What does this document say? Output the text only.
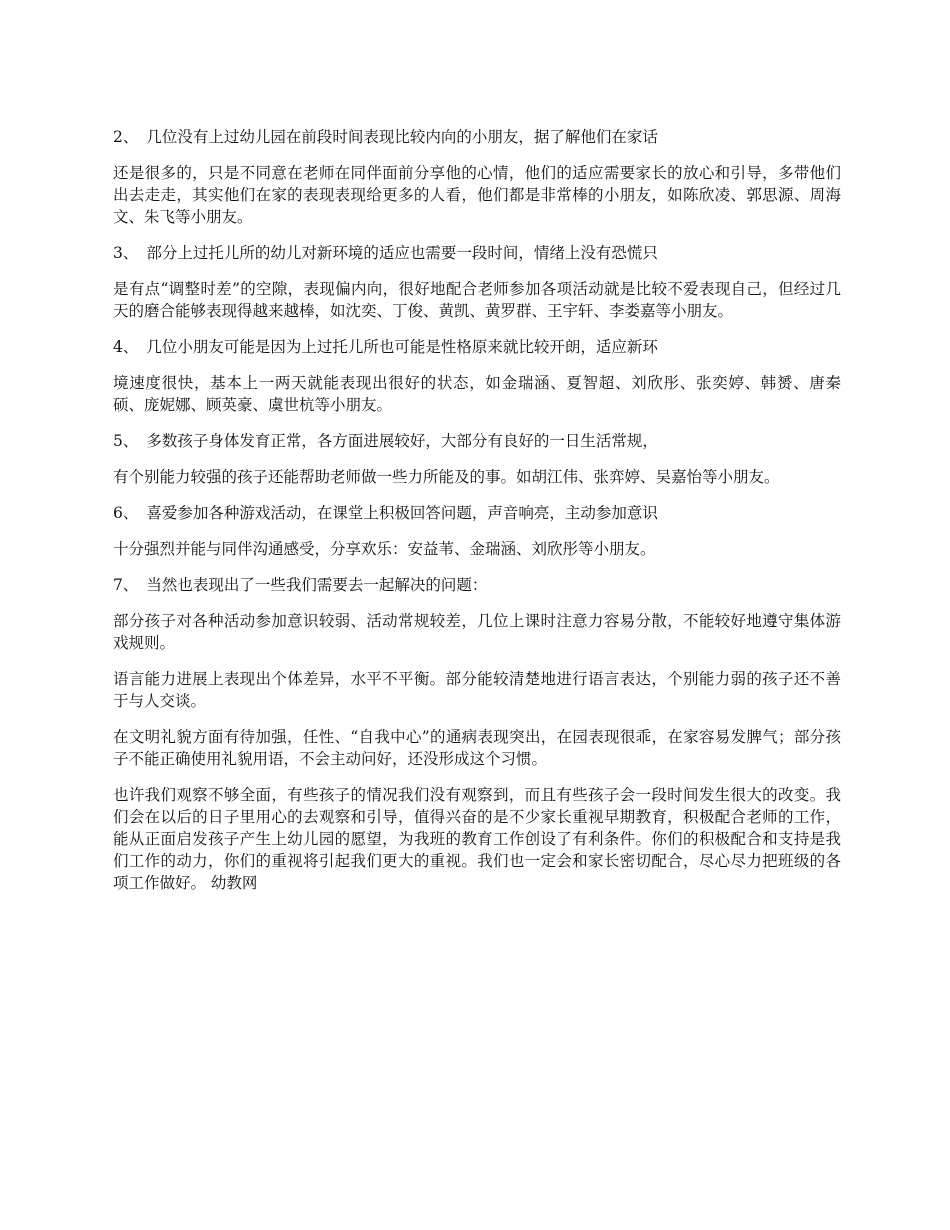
2、 几位没有上过幼儿园在前段时间表现比较内向的小朋友，据了解他们在家话

还是很多的，只是不同意在老师在同伴面前分享他的心情，他们的适应需要家长的放心和引导，多带他们出去走走，其实他们在家的表现表现给更多的人看，他们都是非常棒的小朋友，如陈欣凌、郭思源、周海文、朱飞等小朋友。

3、 部分上过托儿所的幼儿对新环境的适应也需要一段时间，情绪上没有恐慌只

是有点“调整时差”的空隙，表现偏内向，很好地配合老师参加各项活动就是比较不爱表现自己，但经过几天的磨合能够表现得越来越棒，如沈奕、丁俊、黄凯、黄罗群、王宇轩、李娄嘉等小朋友。

4、 几位小朋友可能是因为上过托儿所也可能是性格原来就比较开朗，适应新环

境速度很快，基本上一两天就能表现出很好的状态，如金瑞涵、夏智超、刘欣彤、张奕婷、韩赟、唐秦硕、庞妮娜、顾英豪、虞世杭等小朋友。

5、 多数孩子身体发育正常，各方面进展较好，大部分有良好的一日生活常规，

有个别能力较强的孩子还能帮助老师做一些力所能及的事。如胡江伟、张弈婷、吴嘉怡等小朋友。

6、 喜爱参加各种游戏活动，在课堂上积极回答问题，声音响亮，主动参加意识

十分强烈并能与同伴沟通感受，分享欢乐：安益苇、金瑞涵、刘欣彤等小朋友。

7、 当然也表现出了一些我们需要去一起解决的问题：

部分孩子对各种活动参加意识较弱、活动常规较差，几位上课时注意力容易分散，不能较好地遵守集体游戏规则。

语言能力进展上表现出个体差异，水平不平衡。部分能较清楚地进行语言表达，个别能力弱的孩子还不善于与人交谈。

在文明礼貌方面有待加强，任性、“自我中心”的通病表现突出，在园表现很乖，在家容易发脾气；部分孩子不能正确使用礼貌用语，不会主动问好，还没形成这个习惯。

也许我们观察不够全面，有些孩子的情况我们没有观察到，而且有些孩子会一段时间发生很大的改变。我们会在以后的日子里用心的去观察和引导，值得兴奋的是不少家长重视早期教育，积极配合老师的工作，能从正面启发孩子产生上幼儿园的愿望，为我班的教育工作创设了有利条件。你们的积极配合和支持是我们工作的动力，你们的重视将引起我们更大的重视。我们也一定会和家长密切配合，尽心尽力把班级的各项工作做好。 幼教网
